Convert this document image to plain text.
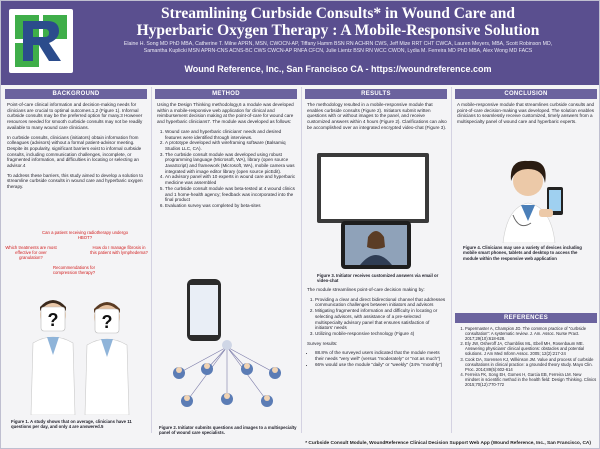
Streamlining Curbside Consults* in Wound Care and
Hyperbaric Oxygen Therapy : A Mobile-Responsive Solution
Elaine H. Song MD PhD MBA, Catherine T. Milne APRN, MSN, CWOCN-AP, Tiffany Hamm BSN RN ACHRN CWS, Jeff Mize RRT CHT CWCA, Lauren Meyers, MBA, Scott Robinson MD,
Samantha Kuplicki MSN APRN-CNS ACNS-BC CWS CWCN-AP RNFA CFCN, Julie Lientz BSN RN WCC CWON, Lydia M. Ferreira MD PhD MBA, Alex Wong MD FACS
Wound Reference, Inc., San Francisco CA - https://woundreference.com
BACKGROUND

Point-of-care clinical information and decision-making needs for clinicians are crucial to optimal outcomes.1,2 (Figure 1). Informal curbside consults may be the preferred option for many.3 However resources needed for smooth curbside consults may not be readily available to many wound care clinicians.

In curbside consults, clinicians (initiators) obtain information from colleagues (advisors) without a formal patient-advisor meeting. Despite its popularity, significant barriers exist to informal curbside consults, including communication challenges, incomplete, or fragmented information, and difficulties in locating or selecting an advisor.4

To address these barriers, this study aimed to develop a solution to streamline curbside consults in wound care and hyperbaric oxygen therapy.

Can a patient receiving radiotherapy undergo HBOT?
Which treatments are most effective for over granulation?
How do I manage fibrosis in this patient with lymphedema?
Recommendations for compression therapy?
? ?
Figure 1. A study shows that on average, clinicians have 11 questions per day, and only 4 are answered.5
METHOD

Using the Design Thinking methodology,6 a module was developed within a mobile-responsive web application for clinical and reimbursement decision making at the point-of-care for wound care and hyperbaric clinicians7. The module was developed as follows:

1. Wound care and hyperbaric clinicians' needs and desired features were identified through interviews.
2. A prototype developed with wireframing software (Balsamiq Studios LLC, CA).
3. The curbside consult module was developed using robust programming language (Microsoft, WA), library (open source JavaScript) and framework (Microsoft, WA), mobile camera was integrated with image editor library (open source picEdit).
4. An advisory panel with 10 experts in wound care and hyperbaric medicine was assembled
5. The curbside consult module was beta-tested at 4 wound clinics and 1 home-health agency; feedback was incorporated into the final product
6. Evaluation survey was completed by beta-sites
Figure 2. Initiator submits questions and images to a multispecialty panel of wound care specialists.
RESULTS

The methodology resulted in a mobile-responsive module that enables curbside consults (Figure 2). Initiators submit written questions with or without images to the panel, and receive customized answers within 4 hours (Figure 2). Clarifications can also be accomplished over an integrated encrypted video-chat (Figure 3).

Figure 3. Initiator receives customized answers via email or video-chat

The module streamlines point-of-care decision making by:

1. Providing a clear and direct bidirectional channel that addresses communication challenges between initiators and advisors
2. Mitigating fragmented information and difficulty in locating or selecting advisors, with assistance of a pre-selected multispecialty advisory panel that ensures satisfaction of initiators' needs
3. Utilizing mobile-responsive technology (Figure 4)

Survey results:

• 88.8% of the surveyed users indicated that the module meets their needs "very well" (versus "moderately" or "not as much")
• 66% would use the module "daily" or "weekly" (34% "monthly")
CONCLUSION

A mobile-responsive module that streamlines curbside consults and point-of-care decision-making was developed. The solution enables clinicians to seamlessly receive customized, timely answers from a multispecialty panel of wound care and hyperbaric experts.

Figure 4. Clinicians may use a variety of devices including mobile smart phones, tablets and desktop to access the module within the responsive web application
REFERENCES
1. Papermaster A, Champion JD. The common practice of "curbside consultation": A systematic review. J. Am. Assoc. Nurse Pract. 2017;29(10):618-628.
2. Ely JW, Osheroff JA, Chambliss ML, Ebell MH, Rosenbaum ME. Answering physicians' clinical questions: obstacles and potential solutions. J Am Med Inform Assoc. 2005; 12(2):217-24
3. Cook DA, Sorensen KJ, Wilkinson JM. Value and process of curbside consultations in clinical practice: a grounded theory study. Mayo Clin. Proc. 2014;89(5):602-614
4. Ferreira FK, Song EH, Gomes H, Garcia EB, Ferreira LM. New mindset in scientific method in the health field: Design Thinking. Clinics 2015;70(12):770-772
* Curbside Consult Module, WoundReference Clinical Decision Support Web App (Wound Reference, Inc., San Francisco, CA)
